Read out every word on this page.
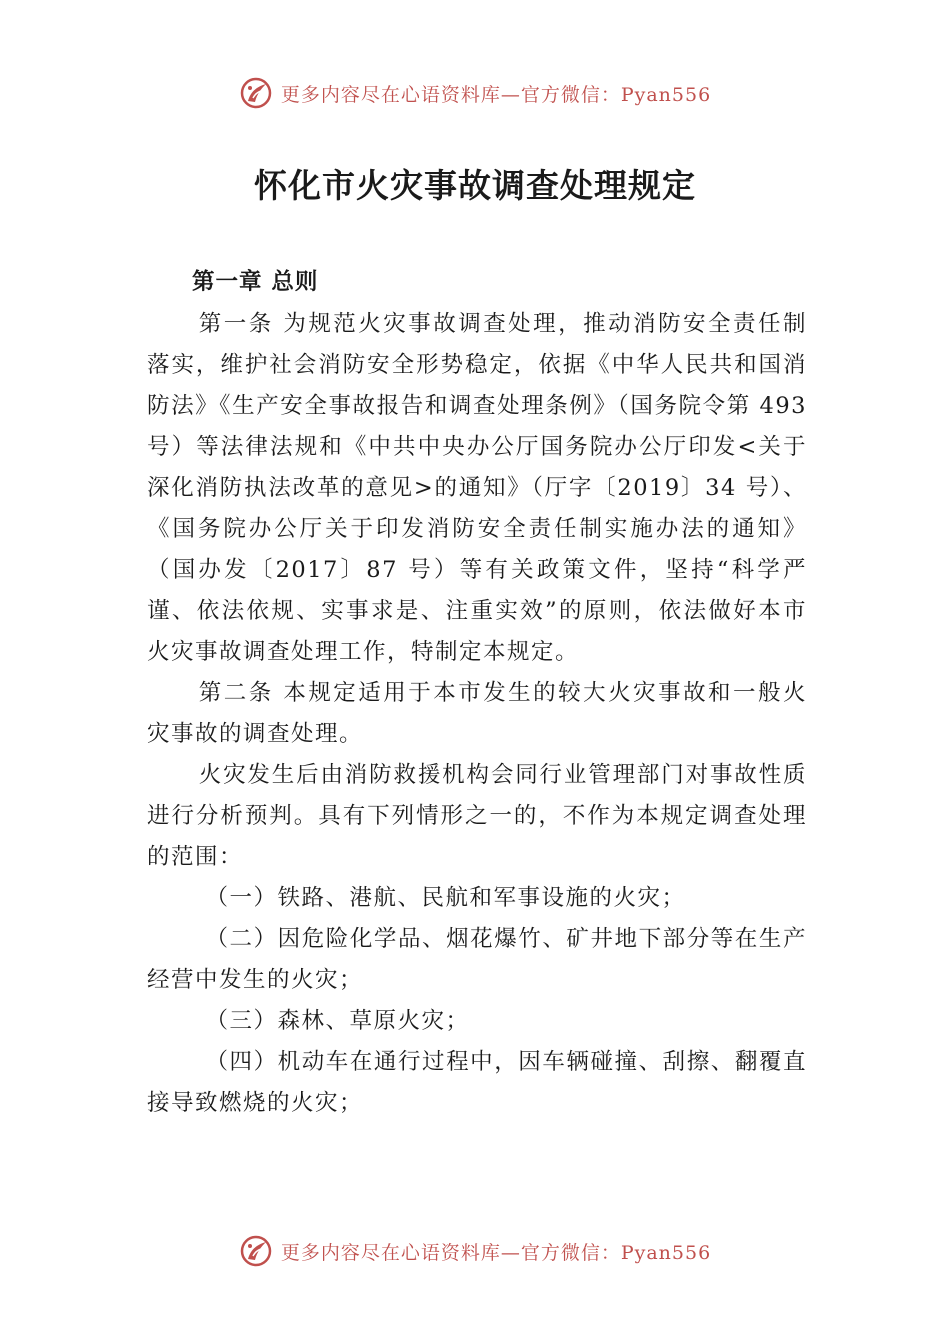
更多内容尽在心语资料库—官方微信：Pyan556
怀化市火灾事故调查处理规定

第一章 总则

第一条 为规范火灾事故调查处理，推动消防安全责任制落实，维护社会消防安全形势稳定，依据《中华人民共和国消防法》《生产安全事故报告和调查处理条例》（国务院令第 493 号）等法律法规和《中共中央办公厅国务院办公厅印发<关于深化消防执法改革的意见>的通知》（厅字〔2019〕34 号）、《国务院办公厅关于印发消防安全责任制实施办法的通知》（国办发〔2017〕87 号）等有关政策文件，坚持“科学严谨、依法依规、实事求是、注重实效”的原则，依法做好本市火灾事故调查处理工作，特制定本规定。

第二条 本规定适用于本市发生的较大火灾事故和一般火灾事故的调查处理。

火灾发生后由消防救援机构会同行业管理部门对事故性质进行分析预判。具有下列情形之一的，不作为本规定调查处理的范围：

（一）铁路、港航、民航和军事设施的火灾；

（二）因危险化学品、烟花爆竹、矿井地下部分等在生产经营中发生的火灾；

（三）森林、草原火灾；

（四）机动车在通行过程中，因车辆碰撞、刮擦、翻覆直接导致燃烧的火灾；

更多内容尽在心语资料库—官方微信：Pyan556
